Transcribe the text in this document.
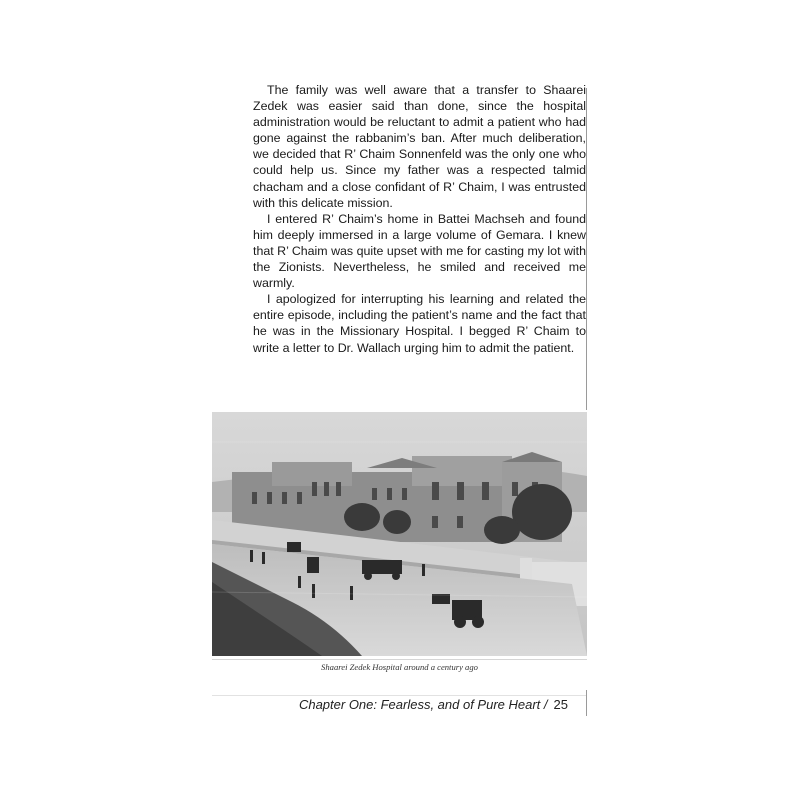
The family was well aware that a transfer to Shaarei Zedek was easier said than done, since the hospital administration would be reluctant to admit a patient who had gone against the rabbanim’s ban. After much deliberation, we decided that R’ Chaim Sonnenfeld was the only one who could help us. Since my father was a respected talmid chacham and a close confidant of R’ Chaim, I was entrusted with this delicate mission.

I entered R’ Chaim’s home in Battei Machseh and found him deeply immersed in a large volume of Gemara. I knew that R’ Chaim was quite upset with me for casting my lot with the Zionists. Nevertheless, he smiled and received me warmly.

I apologized for interrupting his learning and related the entire episode, including the patient’s name and the fact that he was in the Missionary Hospital. I begged R’ Chaim to write a letter to Dr. Wallach urging him to admit the patient.

Shaarei Zedek Hospital around a century ago
Chapter One: Fearless, and of Pure Heart / 25
